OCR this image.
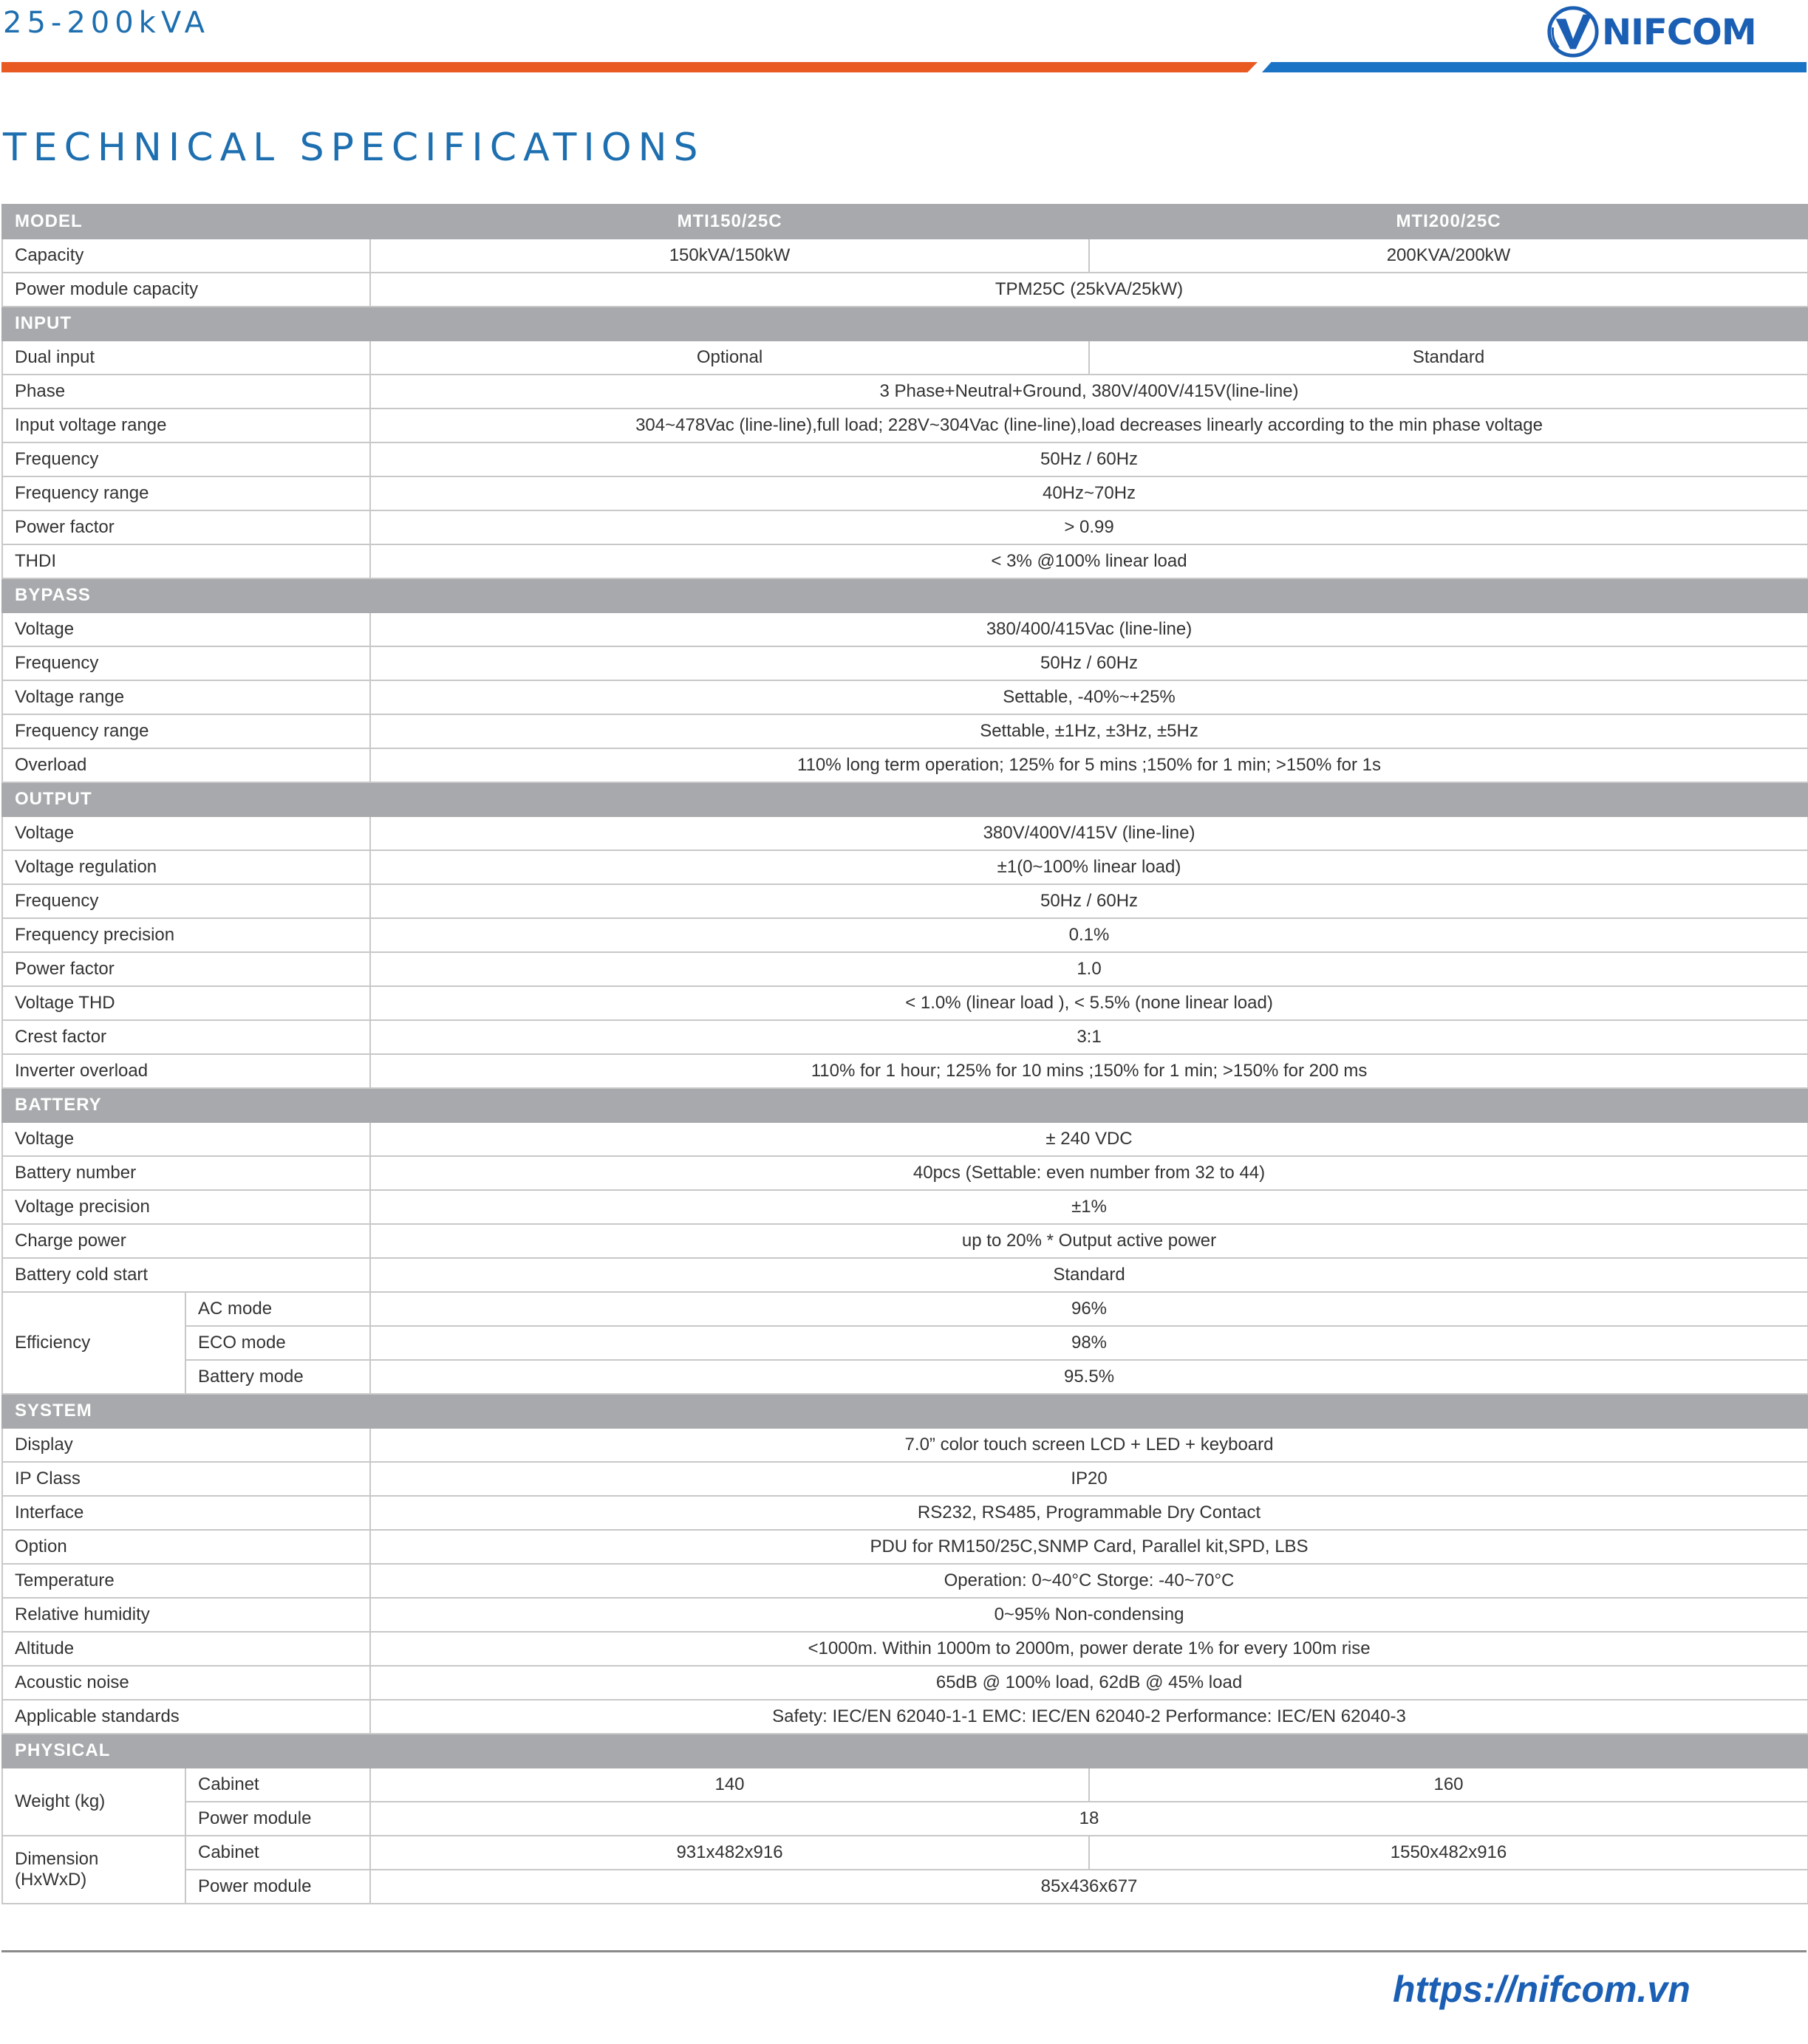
25-200kVA	NIFCOM
TECHNICAL SPECIFICATIONS
MODEL		MTI150/25C	MTI200/25C
Capacity		150kVA/150kW	200KVA/200kW
Power module capacity		TPM25C (25kVA/25kW)	
INPUT			
Dual input		Optional	Standard
Phase		3 Phase+Neutral+Ground, 380V/400V/415V(line-line)	
Input voltage range		304~478Vac (line-line),full load; 228V~304Vac (line-line),load decreases linearly according to the min phase voltage	
Frequency		50Hz / 60Hz	
Frequency range		40Hz~70Hz	
Power factor		> 0.99	
THDI		< 3% @100% linear load	
BYPASS			
Voltage		380/400/415Vac (line-line)	
Frequency		50Hz / 60Hz	
Voltage range		Settable, -40%~+25%	
Frequency range		Settable, ±1Hz, ±3Hz, ±5Hz	
Overload		110% long term operation; 125% for 5 mins ;150% for 1 min; >150% for 1s	
OUTPUT			
Voltage		380V/400V/415V (line-line)	
Voltage regulation		±1(0~100% linear load)	
Frequency		50Hz / 60Hz	
Frequency precision		0.1%	
Power factor		1.0	
Voltage THD		< 1.0% (linear load ), < 5.5% (none linear load)	
Crest factor		3:1	
Inverter overload		110% for 1 hour; 125% for 10 mins ;150% for 1 min; >150% for 200 ms	
BATTERY			
Voltage		± 240 VDC	
Battery number		40pcs (Settable: even number from 32 to 44)	
Voltage precision		±1%	
Charge power		up to 20% * Output active power	
Battery cold start		Standard	
Efficiency	AC mode	96%	
	ECO mode	98%	
	Battery mode	95.5%	
SYSTEM			
Display		7.0” color touch screen LCD + LED + keyboard	
IP Class		IP20	
Interface		RS232, RS485, Programmable Dry Contact	
Option		PDU for RM150/25C,SNMP Card, Parallel kit,SPD, LBS	
Temperature		Operation: 0~40°C Storge: -40~70°C	
Relative humidity		0~95% Non-condensing	
Altitude		<1000m. Within 1000m to 2000m, power derate 1% for every 100m rise	
Acoustic noise		65dB @ 100% load, 62dB @ 45% load	
Applicable standards		Safety: IEC/EN 62040-1-1 EMC: IEC/EN 62040-2 Performance: IEC/EN 62040-3	
PHYSICAL			
Weight (kg)	Cabinet	140	160
	Power module	18	

Dimension
(HxWxD)	Cabinet	931x482x916	1550x482x916
	Power module	85x436x677	
https://nifcom.vn
